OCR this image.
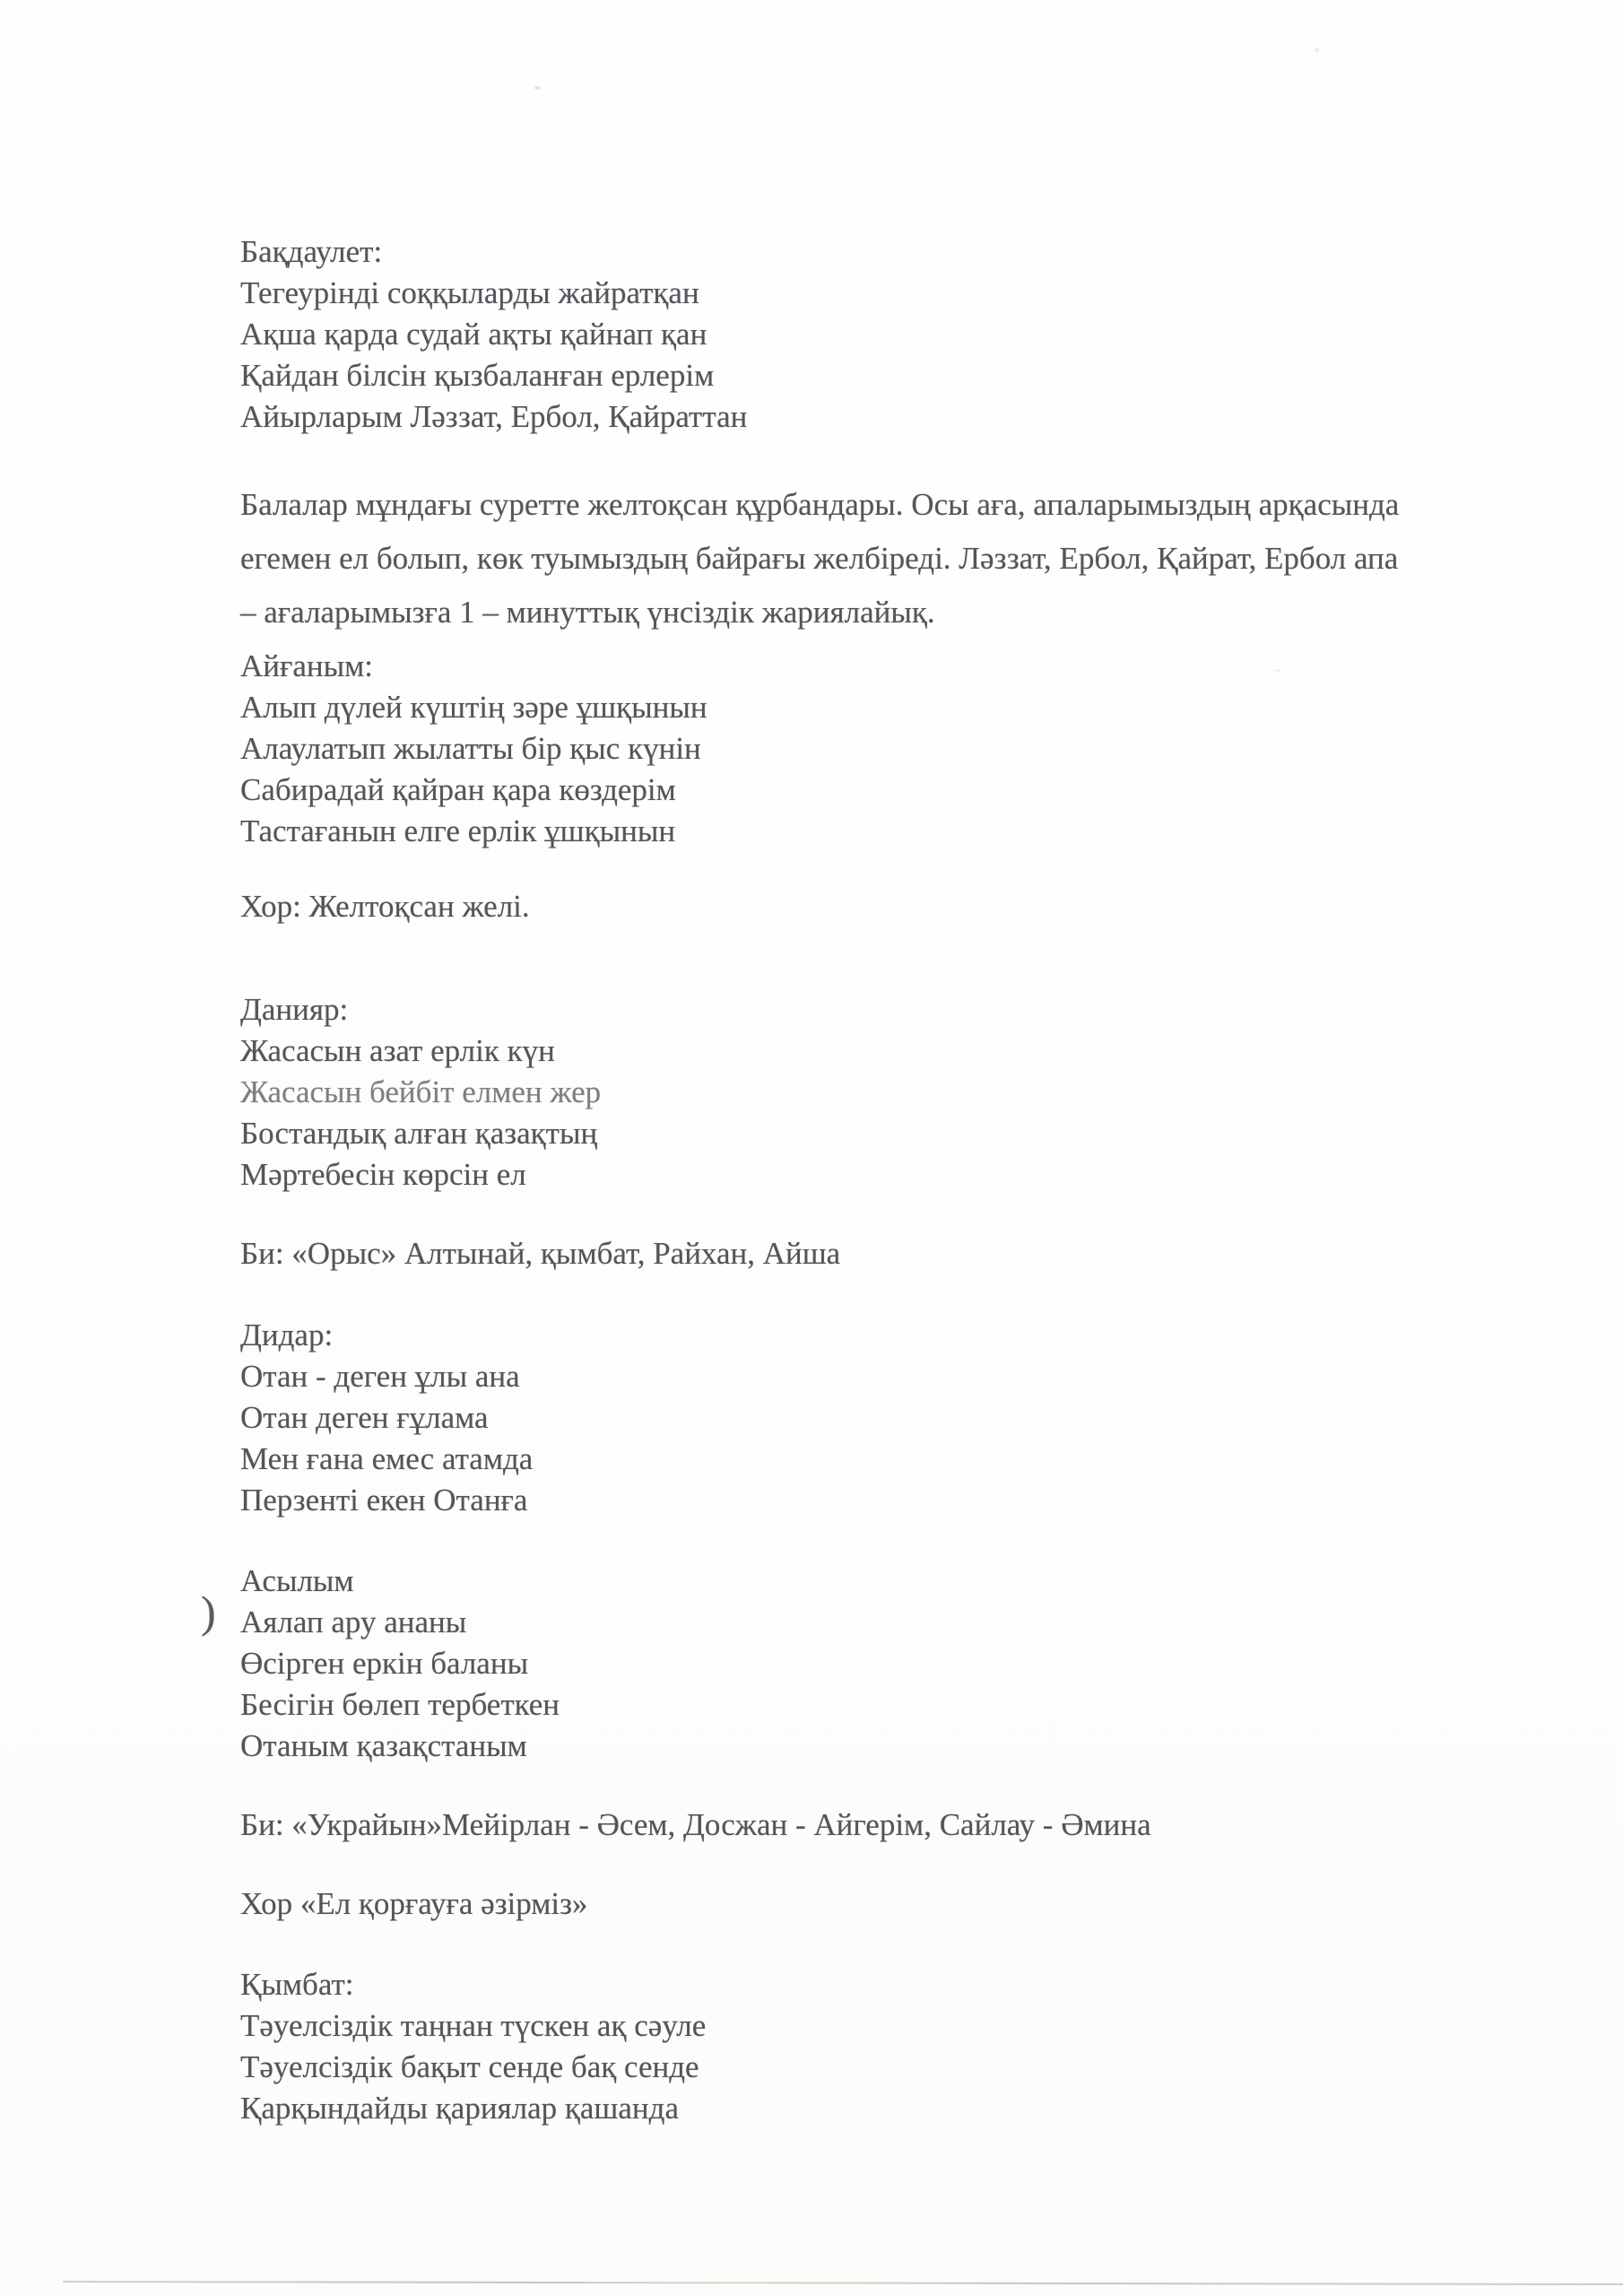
Бақдаулет:
Тегеурінді соққыларды жайратқан
Ақша қарда судай ақты қайнап қан
Қайдан білсін қызбаланған ерлерім
Айырларым Ләззат, Ербол, Қайраттан
Балалар мұндағы суретте желтоқсан құрбандары. Осы аға, апаларымыздың арқасында
егемен ел болып, көк туымыздың байрағы желбіреді. Ләззат, Ербол, Қайрат, Ербол апа
– ағаларымызға 1 – минуттық үнсіздік жариялайық.
Айғаным:
Алып дүлей күштің зәре ұшқынын
Алаулатып жылатты бір қыс күнін
Сабирадай қайран қара көздерім
Тастағанын елге ерлік ұшқынын
Хор: Желтоқсан желі.
Данияр:
Жасасын азат ерлік күн
Жасасын бейбіт елмен жер
Бостандық алған қазақтың
Мәртебесін көрсін ел
Би: «Орыс» Алтынай, қымбат, Райхан, Айша
Дидар:
Отан - деген ұлы ана
Отан деген ғұлама
Мен ғана емес атамда
Перзенті екен Отанға
)
Асылым
Аялап ару ананы
Өсірген еркін баланы
Бесігін бөлеп тербеткен
Отаным қазақстаным
Би: «Украйын»Мейірлан - Әсем, Досжан - Айгерім, Сайлау - Әмина
Хор «Ел қорғауға әзірміз»
Қымбат:
Тәуелсіздік таңнан түскен ақ сәуле
Тәуелсіздік бақыт сенде бақ сенде
Қарқындайды қариялар қашанда
